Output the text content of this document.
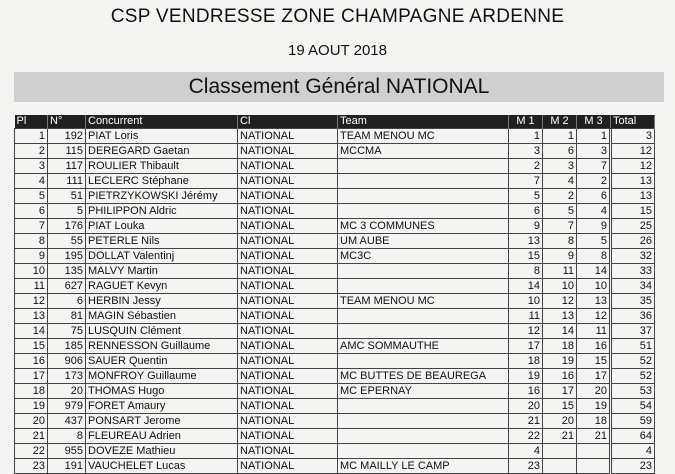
CSP VENDRESSE ZONE CHAMPAGNE ARDENNE
19 AOUT 2018
Classement Général NATIONAL
Pl	N°	Concurrent	Cl	Team	M 1	M 2	M 3	Total
1	192	PIAT Loris	NATIONAL	TEAM MENOU MC	1	1	1	3
2	115	DEREGARD Gaetan	NATIONAL	MCCMA	3	6	3	12
3	117	ROULIER Thibault	NATIONAL		2	3	7	12
4	111	LECLERC Stéphane	NATIONAL		7	4	2	13
5	51	PIETRZYKOWSKI Jérémy	NATIONAL		5	2	6	13
6	5	PHILIPPON Aldric	NATIONAL		6	5	4	15
7	176	PIAT Louka	NATIONAL	MC 3 COMMUNES	9	7	9	25
8	55	PETERLE Nils	NATIONAL	UM AUBE	13	8	5	26
9	195	DOLLAT Valentinj	NATIONAL	MC3C	15	9	8	32
10	135	MALVY Martin	NATIONAL		8	11	14	33
11	627	RAGUET Kevyn	NATIONAL		14	10	10	34
12	6	HERBIN Jessy	NATIONAL	TEAM MENOU MC	10	12	13	35
13	81	MAGIN Sébastien	NATIONAL		11	13	12	36
14	75	LUSQUIN Clément	NATIONAL		12	14	11	37
15	185	RENNESSON Guillaume	NATIONAL	AMC SOMMAUTHE	17	18	16	51
16	906	SAUER Quentin	NATIONAL		18	19	15	52
17	173	MONFROY Guillaume	NATIONAL	MC BUTTES DE BEAUREGA	19	16	17	52
18	20	THOMAS Hugo	NATIONAL	MC EPERNAY	16	17	20	53
19	979	FORET Amaury	NATIONAL		20	15	19	54
20	437	PONSART Jerome	NATIONAL		21	20	18	59
21	8	FLEUREAU Adrien	NATIONAL		22	21	21	64
22	955	DOVEZE Mathieu	NATIONAL		4			4
23	191	VAUCHELET Lucas	NATIONAL	MC MAILLY LE CAMP	23			23
